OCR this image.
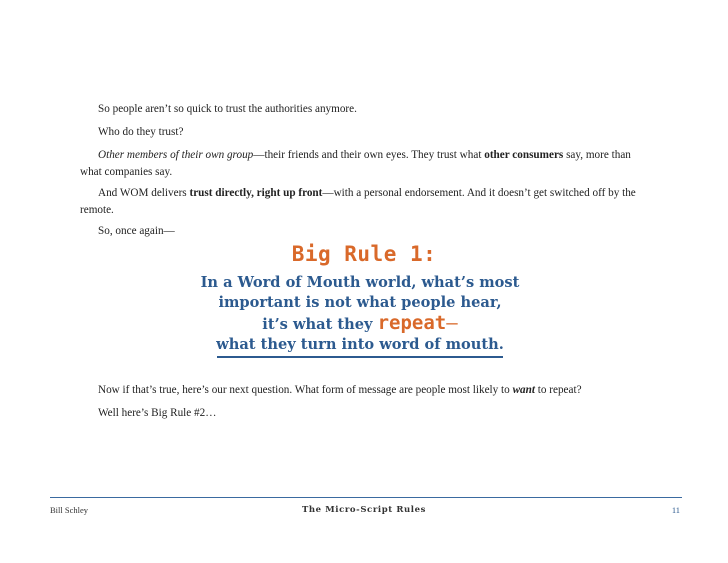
So people aren’t so quick to trust the authorities anymore.

Who do they trust?

Other members of their own group—their friends and their own eyes. They trust what other consumers say, more than what companies say.

And WOM delivers trust directly, right up front—with a personal endorsement. And it doesn’t get switched off by the remote.

So, once again—

Big Rule 1:
In a Word of Mouth world, what’s most
important is not what people hear,
it’s what they repeat—
what they turn into word of mouth.

Now if that’s true, here’s our next question. What form of message are people most likely to want to repeat?

Well here’s Big Rule #2…

Bill Schley	The Micro-Script Rules	11
